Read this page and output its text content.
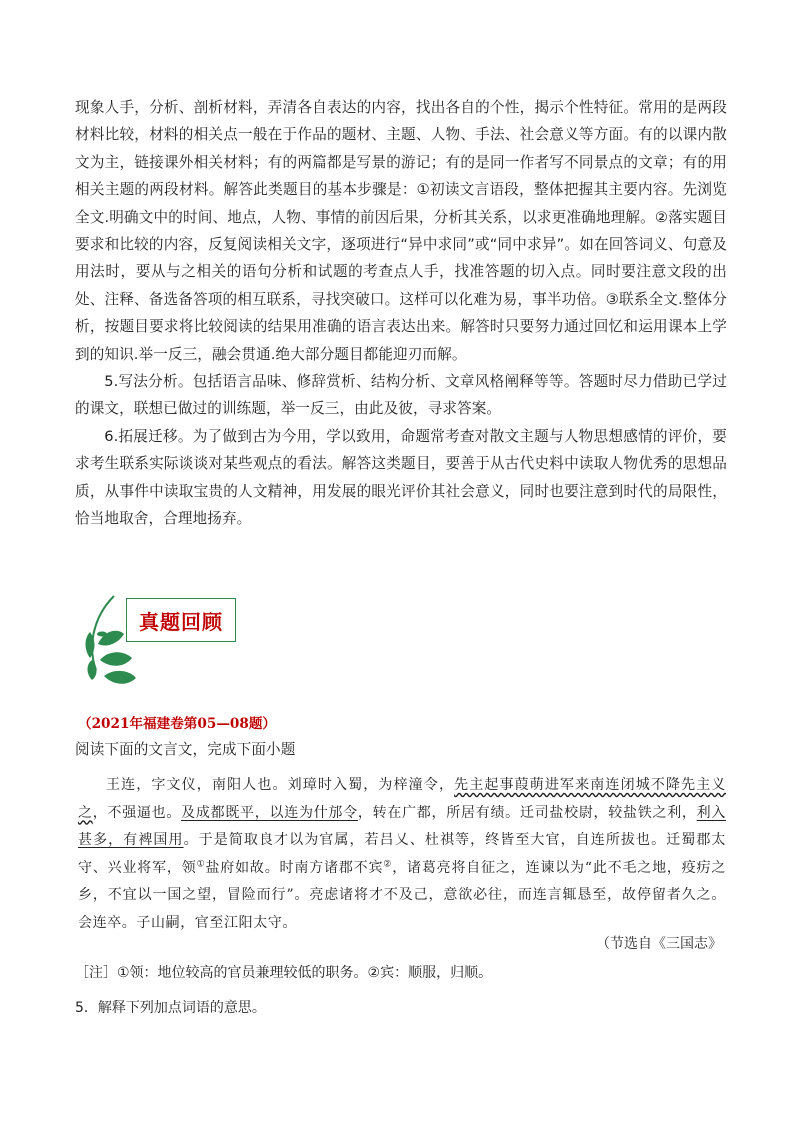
现象人手，分析、剖析材料，弄清各自表达的内容，找出各自的个性，揭示个性特征。常用的是两段材料比较，材料的相关点一般在于作品的题材、主题、人物、手法、社会意义等方面。有的以课内散文为主，链接课外相关材料；有的两篇都是写景的游记；有的是同一作者写不同景点的文章；有的用相关主题的两段材料。解答此类题目的基本步骤是：①初读文言语段，整体把握其主要内容。先浏览全文.明确文中的时间、地点，人物、事情的前因后果，分析其关系，以求更准确地理解。②落实题目要求和比较的内容，反复阅读相关文字，逐项进行“异中求同”或“同中求异”。如在回答词义、句意及用法时，要从与之相关的语句分析和试题的考查点人手，找准答题的切入点。同时要注意文段的出处、注释、备选备答项的相互联系，寻找突破口。这样可以化难为易，事半功倍。③联系全文.整体分析，按题目要求将比较阅读的结果用准确的语言表达出来。解答时只要努力通过回忆和运用课本上学到的知识.举一反三，融会贯通.绝大部分题目都能迎刃而解。

5.写法分析。包括语言品味、修辞赏析、结构分析、文章风格阐释等等。答题时尽力借助已学过的课文，联想已做过的训练题，举一反三，由此及彼，寻求答案。

6.拓展迁移。为了做到古为今用，学以致用，命题常考查对散文主题与人物思想感情的评价，要求考生联系实际谈谈对某些观点的看法。解答这类题目，要善于从古代史料中读取人物优秀的思想品质，从事件中读取宝贵的人文精神，用发展的眼光评价其社会意义，同时也要注意到时代的局限性，恰当地取舍，合理地扬弃。

真题回顾
（2021年福建卷第05—08题）

阅读下面的文言文，完成下面小题

王连，字文仪，南阳人也。刘璋时入蜀，为梓潼令，先主起事葭萌进军来南连闭城不降先主义之，不强逼也。及成都既平，以连为什邡令，转在广都，所居有绩。迁司盐校尉，较盐铁之利，利入甚多，有裨国用。于是简取良才以为官属，若吕乂、杜祺等，终皆至大官，自连所拔也。迁蜀郡太守、兴业将军，领①盐府如故。时南方诸郡不宾②，诸葛亮将自征之，连谏以为“此不毛之地，疫疠之乡，不宜以一国之望，冒险而行”。亮虑诸将才不及己，意欲必往，而连言辄恳至，故停留者久之。会连卒。子山嗣，官至江阳太守。

（节选自《三国志》
［注］①领：地位较高的官员兼理较低的职务。②宾：顺服，归顺。
5．解释下列加点词语的意思。
